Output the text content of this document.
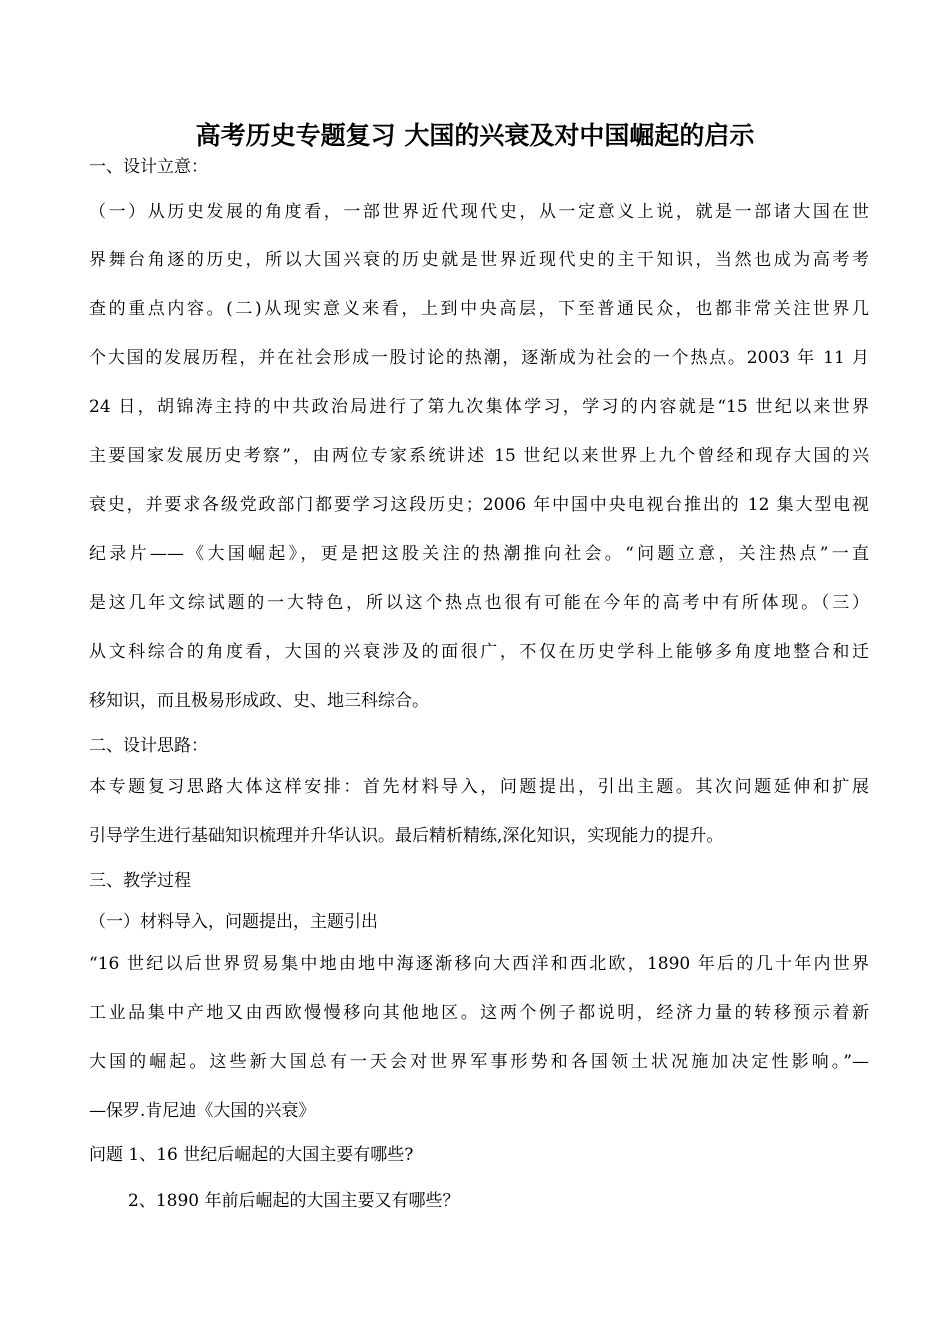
高考历史专题复习 大国的兴衰及对中国崛起的启示
一、设计立意：
（一）从历史发展的角度看，一部世界近代现代史，从一定意义上说，就是一部诸大国在世
界舞台角逐的历史，所以大国兴衰的历史就是世界近现代史的主干知识，当然也成为高考考
查的重点内容。(二)从现实意义来看，上到中央高层，下至普通民众，也都非常关注世界几
个大国的发展历程，并在社会形成一股讨论的热潮，逐渐成为社会的一个热点。2003 年 11 月
24 日，胡锦涛主持的中共政治局进行了第九次集体学习，学习的内容就是“15 世纪以来世界
主要国家发展历史考察”，由两位专家系统讲述 15 世纪以来世界上九个曾经和现存大国的兴
衰史，并要求各级党政部门都要学习这段历史；2006 年中国中央电视台推出的 12 集大型电视
纪录片——《大国崛起》，更是把这股关注的热潮推向社会。“问题立意，关注热点”一直
是这几年文综试题的一大特色，所以这个热点也很有可能在今年的高考中有所体现。（三）
从文科综合的角度看，大国的兴衰涉及的面很广，不仅在历史学科上能够多角度地整合和迁
移知识，而且极易形成政、史、地三科综合。
二、设计思路：
本专题复习思路大体这样安排：首先材料导入，问题提出，引出主题。其次问题延伸和扩展
引导学生进行基础知识梳理并升华认识。最后精析精练,深化知识，实现能力的提升。
三、教学过程
（一）材料导入，问题提出，主题引出
“16 世纪以后世界贸易集中地由地中海逐渐移向大西洋和西北欧，1890 年后的几十年内世界
工业品集中产地又由西欧慢慢移向其他地区。这两个例子都说明，经济力量的转移预示着新
大国的崛起。这些新大国总有一天会对世界军事形势和各国领土状况施加决定性影响。”—
—保罗.肯尼迪《大国的兴衰》
问题 1、16 世纪后崛起的大国主要有哪些?
2、1890 年前后崛起的大国主要又有哪些？
